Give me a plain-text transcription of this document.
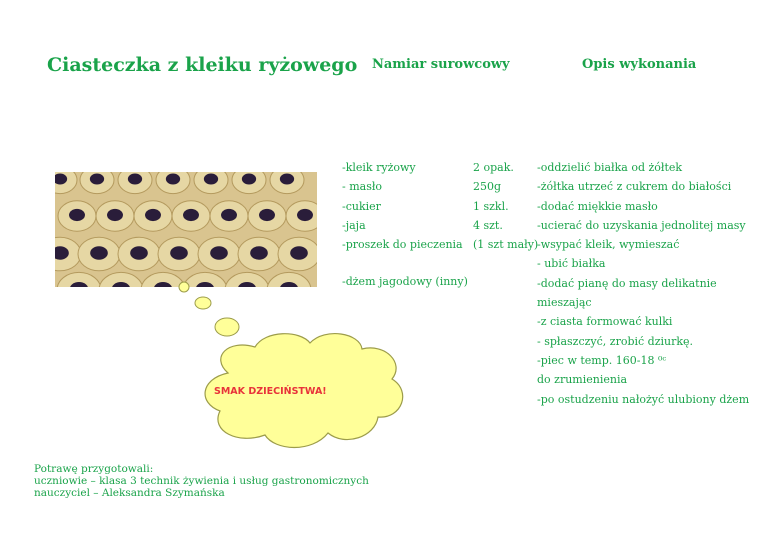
Ciasteczka z kleiku ryżowego Namiar surowcowy	Opis wykonania
-kleik ryżowy	2 opak.
- masło	250g
-cukier	1 szkl.
-jaja	4 szt.
-proszek do pieczenia (1 szt mały)
-dżem jagodowy (inny)
-oddzielić białka od żółtek
-żółtka utrzeć z cukrem do białości
-dodać miękkie masło
-ucierać do uzyskania jednolitej masy
-wsypać kleik, wymieszać
- ubić białka
-dodać pianę do masy delikatnie
mieszając
-z ciasta formować kulki
- spłaszczyć, zrobić dziurkę.
-piec w temp. 160-18 ⁰ᶜ
do zrumienienia
-po ostudzeniu nałożyć ulubiony dżem
SMAK DZIECIŃSTWA!
Potrawę przygotowali:
uczniowie – klasa 3 technik żywienia i usług gastronomicznych
nauczyciel – Aleksandra Szymańska
